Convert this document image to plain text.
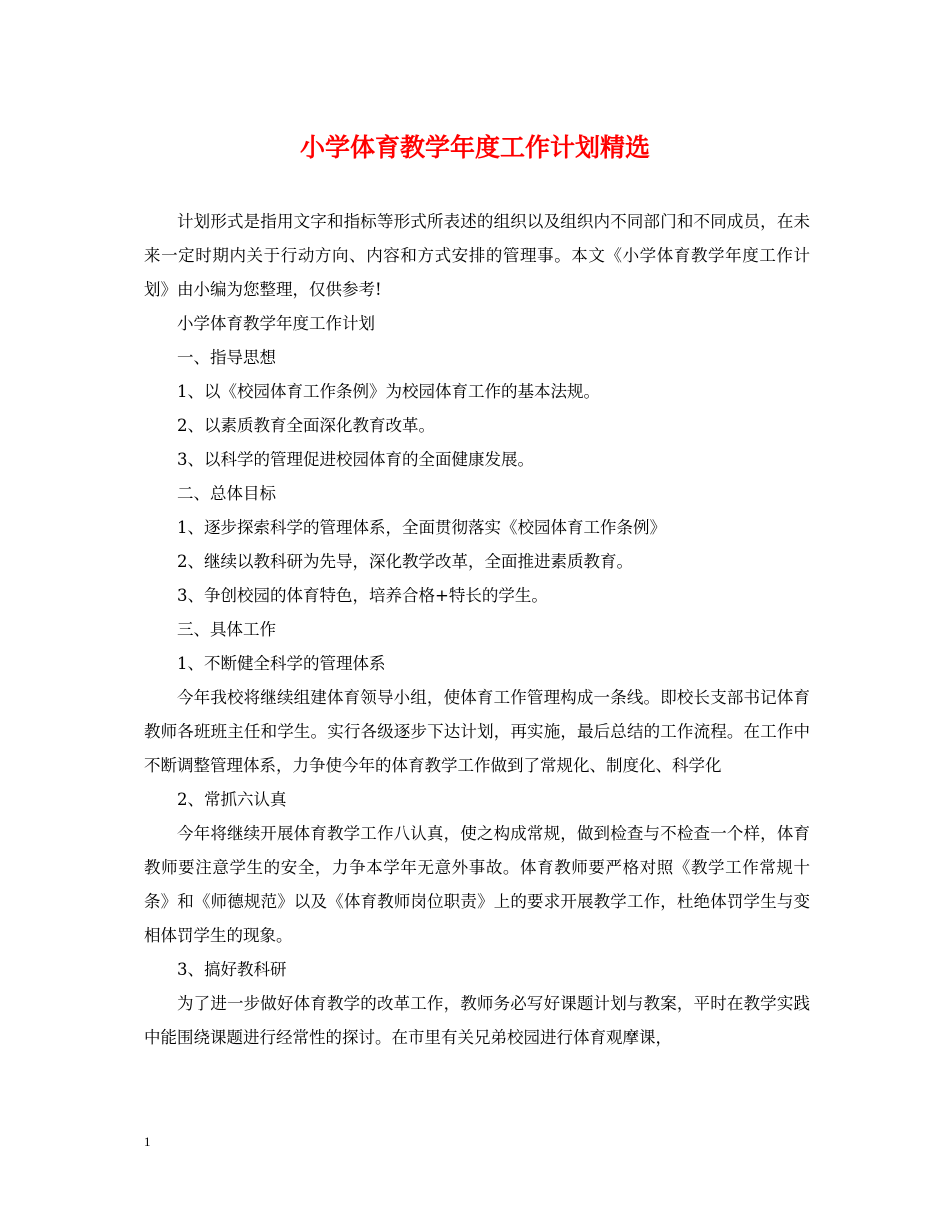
小学体育教学年度工作计划精选

计划形式是指用文字和指标等形式所表述的组织以及组织内不同部门和不同成员，在未来一定时期内关于行动方向、内容和方式安排的管理事。本文《小学体育教学年度工作计划》由小编为您整理，仅供参考!

小学体育教学年度工作计划

一、指导思想

1、以《校园体育工作条例》为校园体育工作的基本法规。

2、以素质教育全面深化教育改革。

3、以科学的管理促进校园体育的全面健康发展。

二、总体目标

1、逐步探索科学的管理体系，全面贯彻落实《校园体育工作条例》

2、继续以教科研为先导，深化教学改革，全面推进素质教育。

3、争创校园的体育特色，培养合格+特长的学生。

三、具体工作

1、不断健全科学的管理体系

今年我校将继续组建体育领导小组，使体育工作管理构成一条线。即校长支部书记体育教师各班班主任和学生。实行各级逐步下达计划，再实施，最后总结的工作流程。在工作中不断调整管理体系，力争使今年的体育教学工作做到了常规化、制度化、科学化

2、常抓六认真

今年将继续开展体育教学工作八认真，使之构成常规，做到检查与不检查一个样，体育教师要注意学生的安全，力争本学年无意外事故。体育教师要严格对照《教学工作常规十条》和《师德规范》以及《体育教师岗位职责》上的要求开展教学工作，杜绝体罚学生与变相体罚学生的现象。

3、搞好教科研

为了进一步做好体育教学的改革工作，教师务必写好课题计划与教案，平时在教学实践中能围绕课题进行经常性的探讨。在市里有关兄弟校园进行体育观摩课，

1
